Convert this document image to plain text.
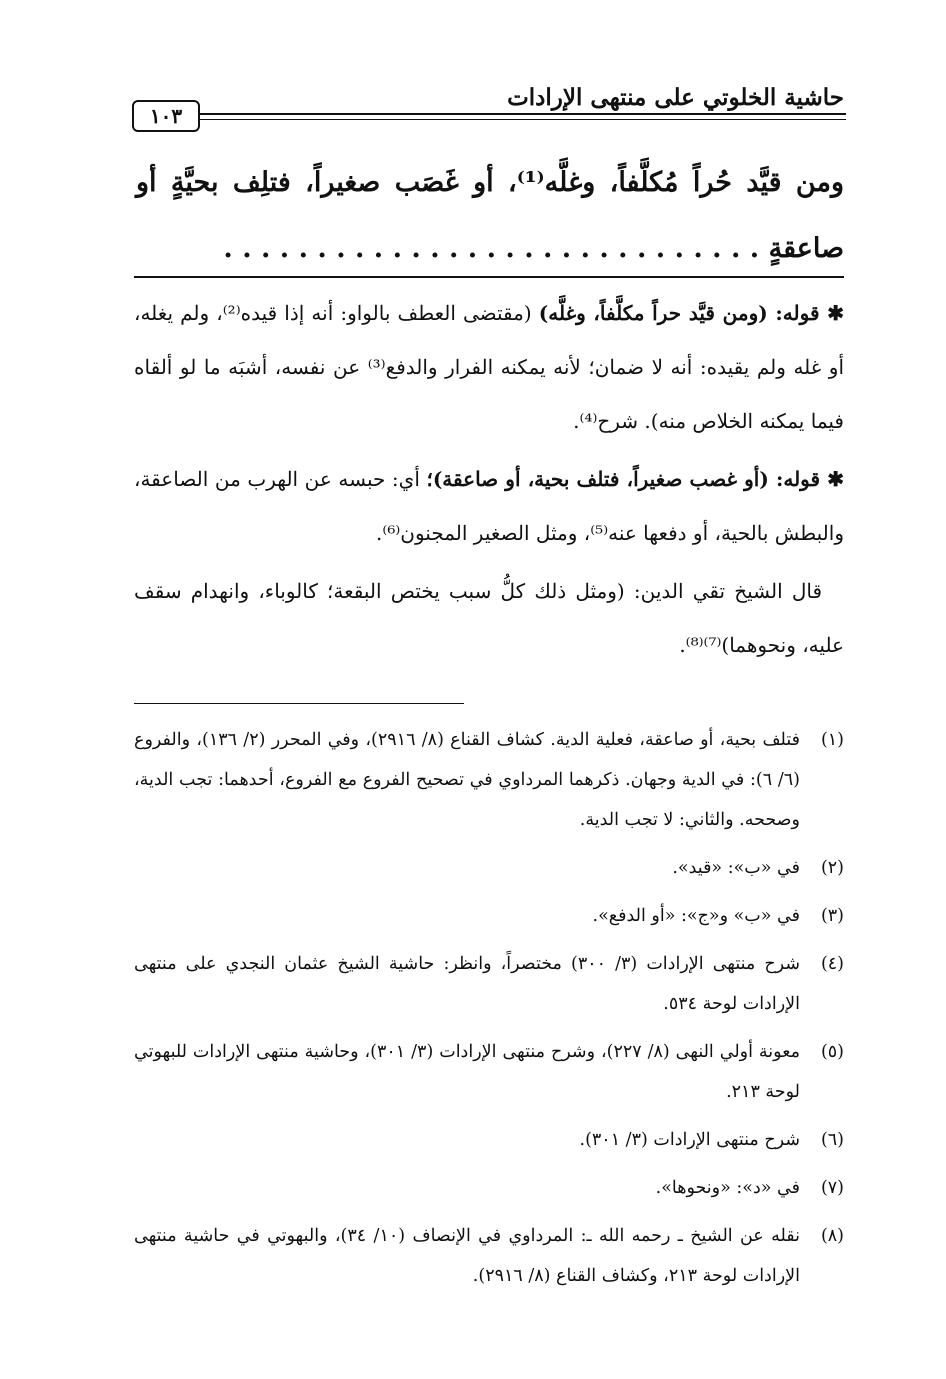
حاشية الخلوتي على منتهى الإرادات
١٠٣
ومن قيَّد حُراً مُكلَّفاً، وغلَّه⁽¹⁾، أو غَصَب صغيراً، فتلِف بحيَّةٍ أو صاعقةٍ . . . . . . . . . . . . . . . . . . . . . . . . . . . . .

✱ قوله: (ومن قيَّد حراً مكلَّفاً، وغلَّه) (مقتضى العطف بالواو: أنه إذا قيده⁽²⁾، ولم يغله، أو غله ولم يقيده: أنه لا ضمان؛ لأنه يمكنه الفرار والدفع⁽³⁾ عن نفسه، أشبَه ما لو ألقاه فيما يمكنه الخلاص منه). شرح⁽⁴⁾.

✱ قوله: (أو غصب صغيراً، فتلف بحية، أو صاعقة)؛ أي: حبسه عن الهرب من الصاعقة، والبطش بالحية، أو دفعها عنه⁽⁵⁾، ومثل الصغير المجنون⁽⁶⁾.

قال الشيخ تقي الدين: (ومثل ذلك كلُّ سبب يختص البقعة؛ كالوباء، وانهدام سقف عليه، ونحوهما)⁽⁷⁾⁽⁸⁾.

(١)
فتلف بحية، أو صاعقة، فعلية الدية. كشاف القناع (٨/ ٢٩١٦)، وفي المحرر (٢/ ١٣٦)، والفروع (٦/ ٦): في الدية وجهان. ذكرهما المرداوي في تصحيح الفروع مع الفروع، أحدهما: تجب الدية، وصححه. والثاني: لا تجب الدية.
(٢)
في «ب»: «قيد».
(٣)
في «ب» و«ج»: «أو الدفع».
(٤)
شرح منتهى الإرادات (٣/ ٣٠٠) مختصراً، وانظر: حاشية الشيخ عثمان النجدي على منتهى الإرادات لوحة ٥٣٤.
(٥)
معونة أولي النهى (٨/ ٢٢٧)، وشرح منتهى الإرادات (٣/ ٣٠١)، وحاشية منتهى الإرادات للبهوتي لوحة ٢١٣.
(٦)
شرح منتهى الإرادات (٣/ ٣٠١).
(٧)
في «د»: «ونحوها».
(٨)
نقله عن الشيخ ـ رحمه الله ـ: المرداوي في الإنصاف (١٠/ ٣٤)، والبهوتي في حاشية منتهى الإرادات لوحة ٢١٣، وكشاف القناع (٨/ ٢٩١٦).
